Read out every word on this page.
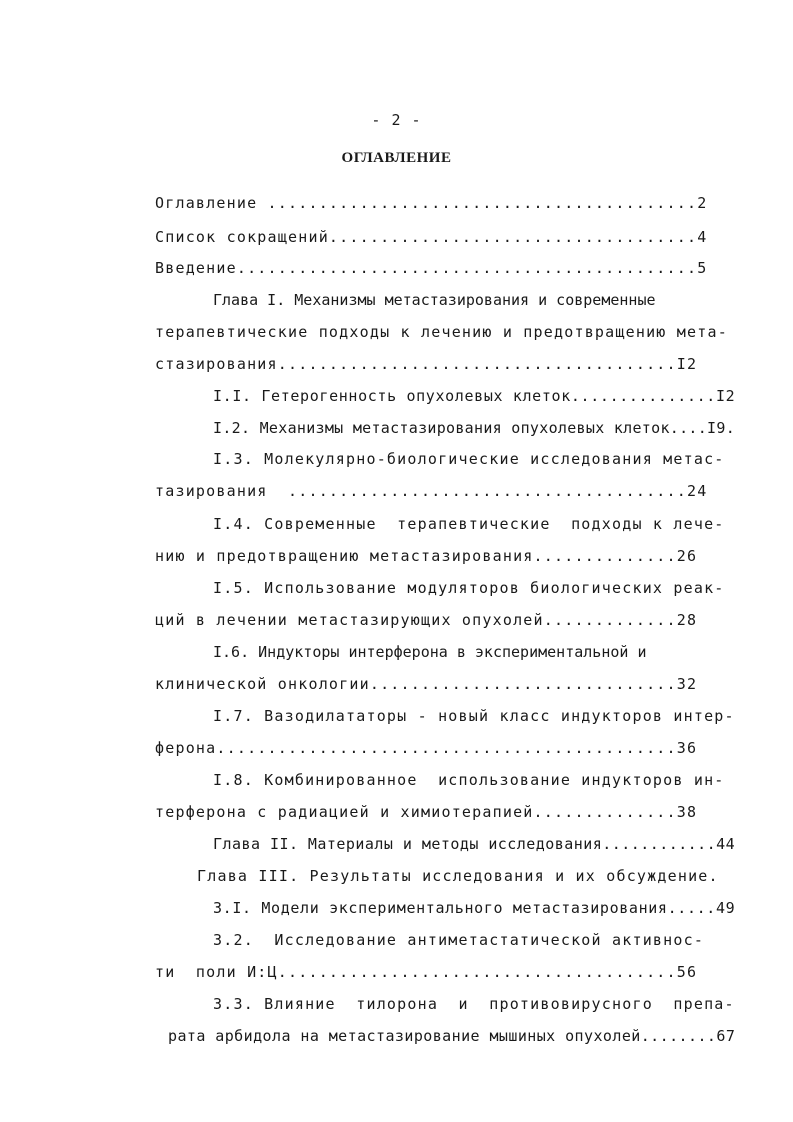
- 2 -
ОГЛАВЛЕНИЕ
Оглавление ..........................................2
Список сокращений....................................4
Введение.............................................5
Глава I. Механизмы метастазирования и современные
терапевтические подходы к лечению и предотвращению мета-
стазирования.......................................I2
I.I. Гетерогенность опухолевых клеток...............I2
I.2. Механизмы метастазирования опухолевых клеток....I9.
I.3. Молекулярно-биологические исследования метас-
тазирования  .......................................24
I.4. Современные  терапевтические  подходы к лече-
нию и предотвращению метастазирования..............26
I.5. Использование модуляторов биологических реак-
ций в лечении метастазирующих опухолей.............28
I.6. Индукторы интерферона в экспериментальной и
клинической онкологии..............................32
I.7. Вазодилататоры - новый класс индукторов интер-
ферона.............................................36
I.8. Комбинированное  использование индукторов ин-
терферона с радиацией и химиотерапией..............38
Глава II. Материалы и методы исследования............44
Глава III. Результаты исследования и их обсуждение.
3.I. Модели экспериментального метастазирования.....49
3.2.  Исследование антиметастатической активнос-
ти  поли И:Ц.......................................56
3.3. Влияние  тилорона  и  противовирусного  препа-
рата арбидола на метастазирование мышиных опухолей........67
